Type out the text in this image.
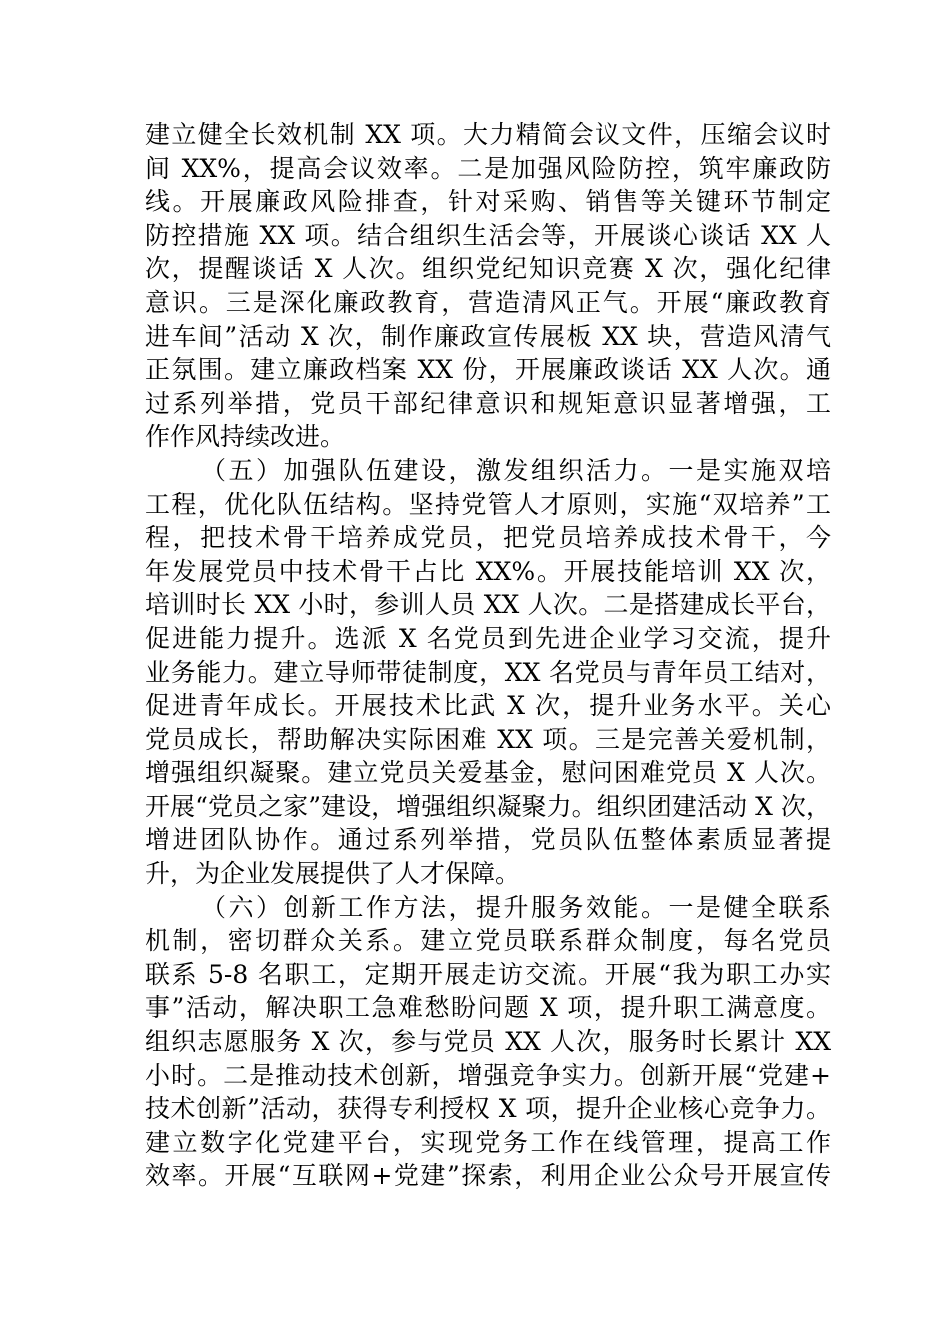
建立健全长效机制 XX 项。大力精简会议文件，压缩会议时
间 XX%，提高会议效率。二是加强风险防控，筑牢廉政防
线。开展廉政风险排查，针对采购、销售等关键环节制定
防控措施 XX 项。结合组织生活会等，开展谈心谈话 XX 人
次，提醒谈话 X 人次。组织党纪知识竞赛 X 次，强化纪律
意识。三是深化廉政教育，营造清风正气。开展“廉政教育
进车间”活动 X 次，制作廉政宣传展板 XX 块，营造风清气
正氛围。建立廉政档案 XX 份，开展廉政谈话 XX 人次。通
过系列举措，党员干部纪律意识和规矩意识显著增强，工
作作风持续改进。
（五）加强队伍建设，激发组织活力。一是实施双培
工程，优化队伍结构。坚持党管人才原则，实施“双培养”工
程，把技术骨干培养成党员，把党员培养成技术骨干，今
年发展党员中技术骨干占比 XX%。开展技能培训 XX 次，
培训时长 XX 小时，参训人员 XX 人次。二是搭建成长平台，
促进能力提升。选派 X 名党员到先进企业学习交流，提升
业务能力。建立导师带徒制度，XX 名党员与青年员工结对，
促进青年成长。开展技术比武 X 次，提升业务水平。关心
党员成长，帮助解决实际困难 XX 项。三是完善关爱机制，
增强组织凝聚。建立党员关爱基金，慰问困难党员 X 人次。
开展“党员之家”建设，增强组织凝聚力。组织团建活动 X 次，
增进团队协作。通过系列举措，党员队伍整体素质显著提
升，为企业发展提供了人才保障。
（六）创新工作方法，提升服务效能。一是健全联系
机制，密切群众关系。建立党员联系群众制度，每名党员
联系 5-8 名职工，定期开展走访交流。开展“我为职工办实
事”活动，解决职工急难愁盼问题 X 项，提升职工满意度。
组织志愿服务 X 次，参与党员 XX 人次，服务时长累计 XX
小时。二是推动技术创新，增强竞争实力。创新开展“党建+
技术创新”活动，获得专利授权 X 项，提升企业核心竞争力。
建立数字化党建平台，实现党务工作在线管理，提高工作
效率。开展“互联网+党建”探索，利用企业公众号开展宣传
